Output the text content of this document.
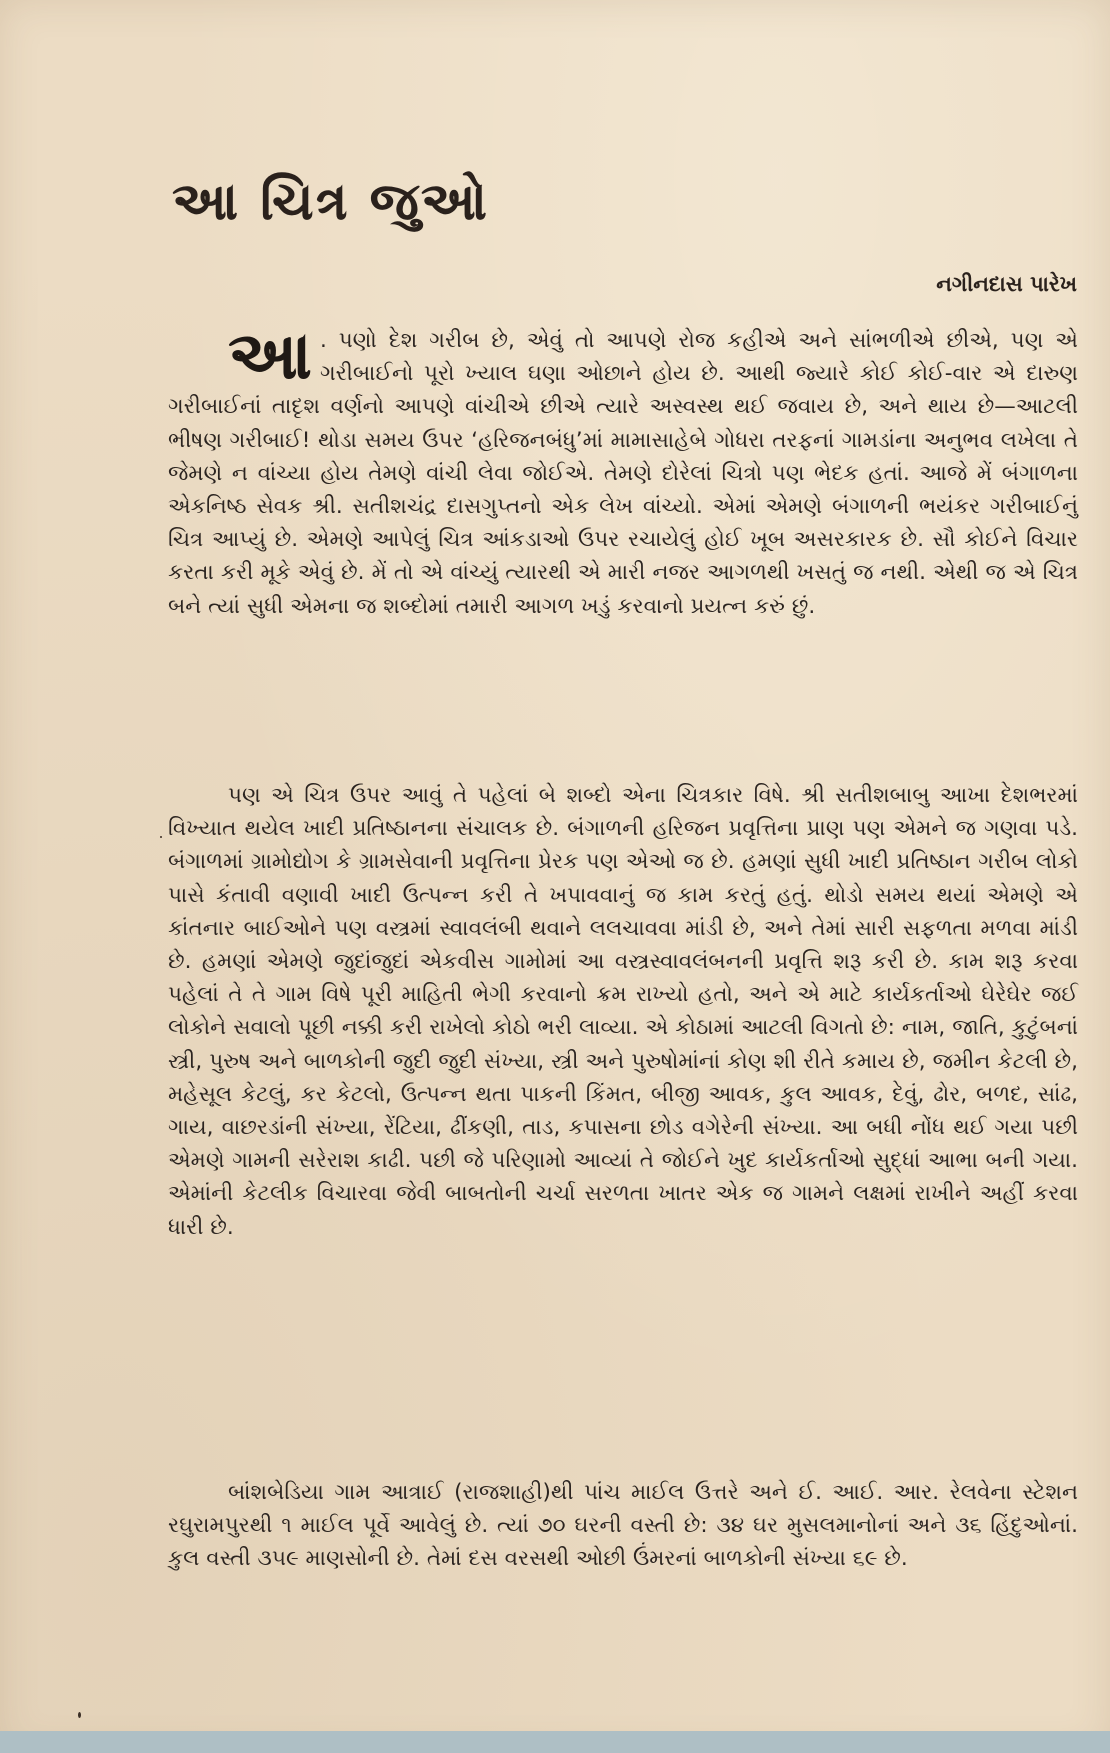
આ ચિત્ર જુઓ

નગીનદાસ પારેખ

આ . પણો દેશ ગરીબ છે, એવું તો આપણે રોજ કહીએ અને સાંભળીએ છીએ, પણ એ ગરીબાઈનો પૂરો ખ્યાલ ઘણા ઓછાને હોય છે. આથી જ્યારે કોઈ કોઈ-વાર એ દારુણ ગરીબાઈનાં તાદૃશ વર્ણનો આપણે વાંચીએ છીએ ત્યારે અસ્વસ્થ થઈ જવાય છે, અને થાય છે—આટલી ભીષણ ગરીબાઈ! થોડા સમય ઉપર ‘હરિજનબંધુ’માં મામાસાહેબે ગોધરા તરફનાં ગામડાંના અનુભવ લખેલા તે જેમણે ન વાંચ્યા હોય તેમણે વાંચી લેવા જોઈએ. તેમણે દોરેલાં ચિત્રો પણ ભેદક હતાં. આજે મેં બંગાળના એકનિષ્ઠ સેવક શ્રી. સતીશચંદ્ર દાસગુપ્તનો એક લેખ વાંચ્યો. એમાં એમણે બંગાળની ભયંકર ગરીબાઈનું ચિત્ર આપ્યું છે. એમણે આપેલું ચિત્ર આંકડાઓ ઉપર રચાયેલું હોઈ ખૂબ અસરકારક છે. સૌ કોઈને વિચાર કરતા કરી મૂકે એવું છે. મેં તો એ વાંચ્યું ત્યારથી એ મારી નજર આગળથી ખસતું જ નથી. એથી જ એ ચિત્ર બને ત્યાં સુધી એમના જ શબ્દોમાં તમારી આગળ ખડું કરવાનો પ્રયત્ન કરું છું.

પણ એ ચિત્ર ઉપર આવું તે પહેલાં બે શબ્દો એના ચિત્રકાર વિષે. શ્રી સતીશબાબુ આખા દેશભરમાં વિખ્યાત થયેલ ખાદી પ્રતિષ્ઠાનના સંચાલક છે. બંગાળની હરિજન પ્રવૃત્તિના પ્રાણ પણ એમને જ ગણવા પડે. બંગાળમાં ગ્રામોદ્યોગ કે ગ્રામસેવાની પ્રવૃત્તિના પ્રેરક પણ એઓ જ છે. હમણાં સુધી ખાદી પ્રતિષ્ઠાન ગરીબ લોકો પાસે કંતાવી વણાવી ખાદી ઉત્પન્ન કરી તે ખપાવવાનું જ કામ કરતું હતું. થોડો સમય થયાં એમણે એ કાંતનાર બાઈઓને પણ વસ્ત્રમાં સ્વાવલંબી થવાને લલચાવવા માંડી છે, અને તેમાં સારી સફળતા મળવા માંડી છે. હમણાં એમણે જુદાંજુદાં એકવીસ ગામોમાં આ વસ્ત્રસ્વાવલંબનની પ્રવૃત્તિ શરૂ કરી છે. કામ શરૂ કરવા પહેલાં તે તે ગામ વિષે પૂરી માહિતી ભેગી કરવાનો ક્રમ રાખ્યો હતો, અને એ માટે કાર્યકર્તાઓ ઘેરેઘેર જઈ લોકોને સવાલો પૂછી નક્કી કરી રાખેલો કોઠો ભરી લાવ્યા. એ કોઠામાં આટલી વિગતો છે: નામ, જાતિ, કુટુંબનાં સ્ત્રી, પુરુષ અને બાળકોની જુદી જુદી સંખ્યા, સ્ત્રી અને પુરુષોમાંનાં કોણ શી રીતે કમાય છે, જમીન કેટલી છે, મહેસૂલ કેટલું, કર કેટલો, ઉત્પન્ન થતા પાકની કિંમત, બીજી આવક, કુલ આવક, દેવું, ઢોર, બળદ, સાંઢ, ગાય, વાછરડાંની સંખ્યા, રેંટિયા, ઢીંકણી, તાડ, કપાસના છોડ વગેરેની સંખ્યા. આ બધી નોંધ થઈ ગયા પછી એમણે ગામની સરેરાશ કાઢી. પછી જે પરિણામો આવ્યાં તે જોઈને ખુદ કાર્યકર્તાઓ સુદ્ધાં આભા બની ગયા. એમાંની કેટલીક વિચારવા જેવી બાબતોની ચર્ચા સરળતા ખાતર એક જ ગામને લક્ષમાં રાખીને અહીં કરવા ધારી છે.

બાંશબેડિયા ગામ આત્રાઈ (રાજશાહી)થી પાંચ માઈલ ઉત્તરે અને ઈ. આઈ. આર. રેલવેના સ્ટેશન રઘુરામપુરથી ૧ માઈલ પૂર્વે આવેલું છે. ત્યાં ૭૦ ઘરની વસ્તી છે: ૩૪ ઘર મુસલમાનોનાં અને ૩૬ હિંદુઓનાં. કુલ વસ્તી ૩૫૯ માણસોની છે. તેમાં દસ વરસથી ઓછી ઉંમરનાં બાળકોની સંખ્યા ૬૯ છે.
